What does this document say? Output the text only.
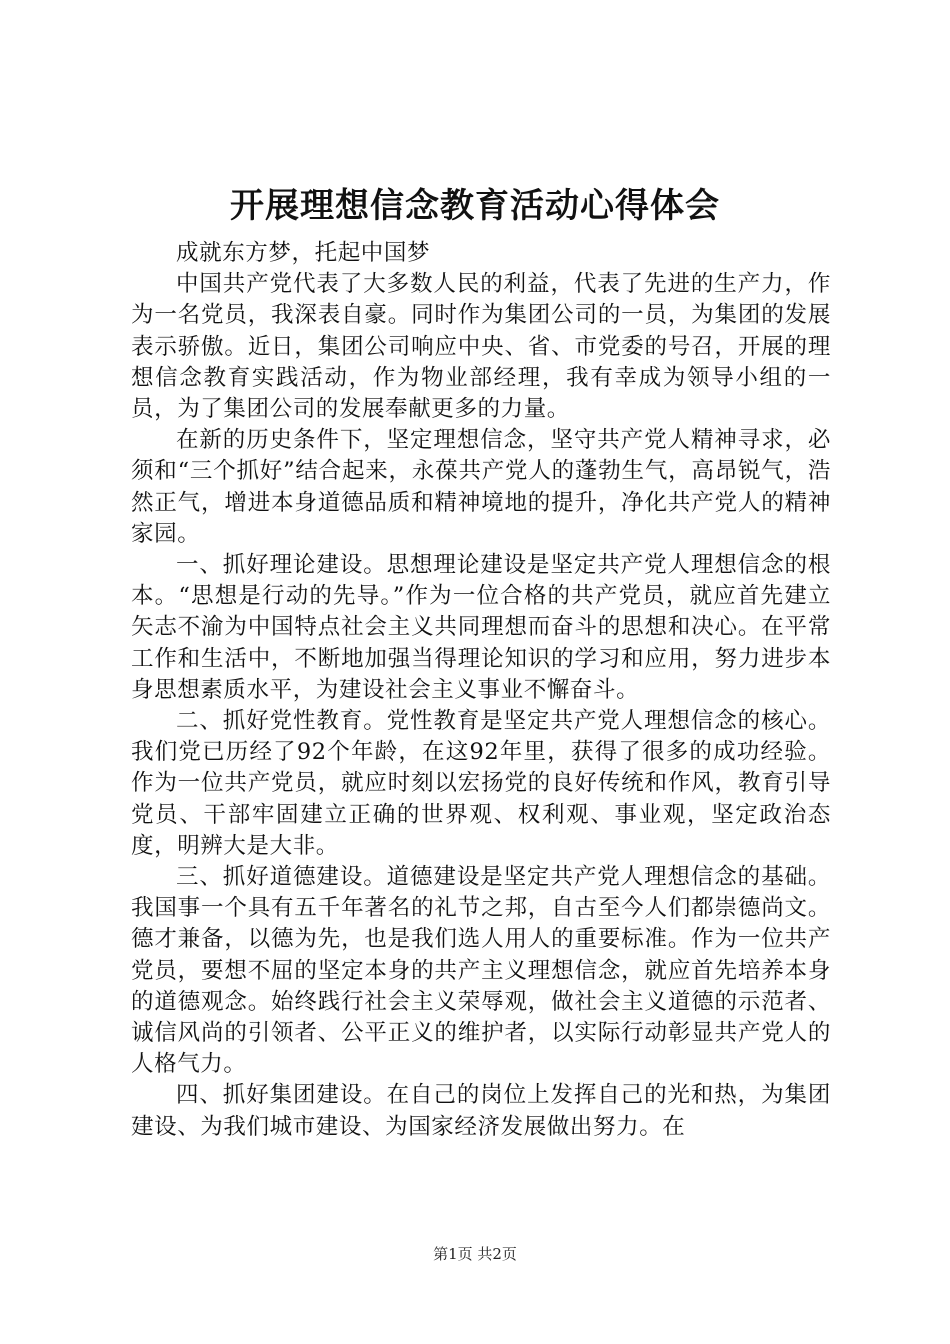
开展理想信念教育活动心得体会

成就东方梦，托起中国梦

中国共产党代表了大多数人民的利益，代表了先进的生产力，作为一名党员，我深表自豪。同时作为集团公司的一员，为集团的发展表示骄傲。近日，集团公司响应中央、省、市党委的号召，开展的理想信念教育实践活动，作为物业部经理，我有幸成为领导小组的一员，为了集团公司的发展奉献更多的力量。

在新的历史条件下，坚定理想信念，坚守共产党人精神寻求，必须和“三个抓好”结合起来，永葆共产党人的蓬勃生气，高昂锐气，浩然正气，增进本身道德品质和精神境地的提升，净化共产党人的精神家园。

一、抓好理论建设。思想理论建设是坚定共产党人理想信念的根本。“思想是行动的先导。”作为一位合格的共产党员，就应首先建立矢志不渝为中国特点社会主义共同理想而奋斗的思想和决心。在平常工作和生活中，不断地加强当得理论知识的学习和应用，努力进步本身思想素质水平，为建设社会主义事业不懈奋斗。

二、抓好党性教育。党性教育是坚定共产党人理想信念的核心。我们党已历经了92个年龄，在这92年里，获得了很多的成功经验。作为一位共产党员，就应时刻以宏扬党的良好传统和作风，教育引导党员、干部牢固建立正确的世界观、权利观、事业观，坚定政治态度，明辨大是大非。

三、抓好道德建设。道德建设是坚定共产党人理想信念的基础。我国事一个具有五千年著名的礼节之邦，自古至今人们都崇德尚文。德才兼备，以德为先，也是我们选人用人的重要标准。作为一位共产党员，要想不屈的坚定本身的共产主义理想信念，就应首先培养本身的道德观念。始终践行社会主义荣辱观，做社会主义道德的示范者、诚信风尚的引领者、公平正义的维护者，以实际行动彰显共产党人的人格气力。

四、抓好集团建设。在自己的岗位上发挥自己的光和热，为集团建设、为我们城市建设、为国家经济发展做出努力。在

第1页 共2页
